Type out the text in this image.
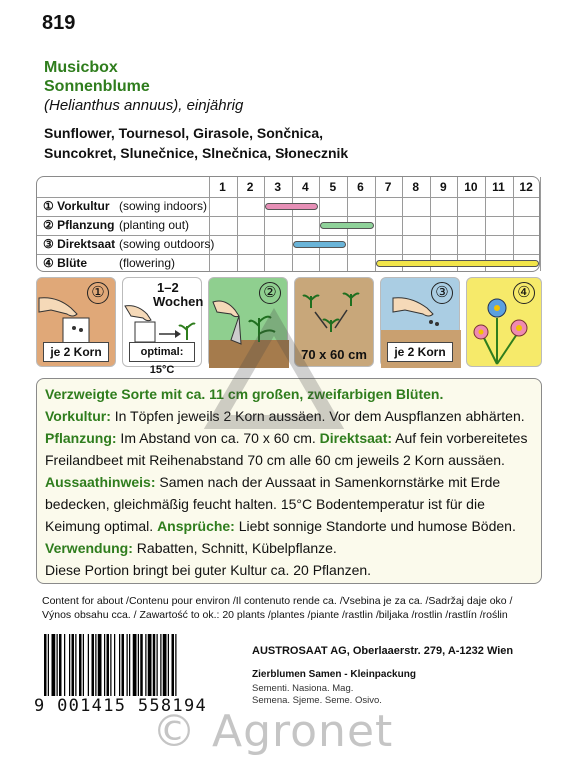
819
Musicbox
Sonnenblume
(Helianthus annuus), einjährig
Sunflower, Tournesol, Girasole, Sončnica,
Suncokret, Slunečnice, Slnečnica, Słonecznik
1	2	3	4	5	6	7	8	9	10	11	12
① Vorkultur (sowing indoors)
② Pflanzung (planting out)
③ Direktsaat (sowing outdoors)
④ Blüte	(flowering)
①
je 2 Korn
1–2
Wochen
optimal: 15°C
②
70 x 60 cm
③
je 2 Korn
④
Verzweigte Sorte mit ca. 11 cm großen, zweifarbigen Blüten.
Vorkultur: In Töpfen jeweils 2 Korn aussäen. Vor dem Auspflanzen abhärten.
Pflanzung: Im Abstand von ca. 70 x 60 cm. Direktsaat: Auf fein vorbereitetes Freilandbeet mit Reihenabstand 70 cm alle 60 cm jeweils 2 Korn aussäen.
Aussaathinweis: Samen nach der Aussaat in Samenkornstärke mit Erde bedecken, gleichmäßig feucht halten. 15°C Bodentemperatur ist für die Keimung optimal. Ansprüche: Liebt sonnige Standorte und humose Böden.
Verwendung: Rabatten, Schnitt, Kübelpflanze.
Diese Portion bringt bei guter Kultur ca. 20 Pflanzen.
Content for about /Contenu pour environ /Il contenuto rende ca. /Vsebina je za ca. /Sadržaj daje oko /
Výnos obsahu cca. / Zawartość to ok.: 20 plants /plantes /piante /rastlin /biljaka /rostlin /rastlín /roślin
9 001415 558194
AUSTROSAAT AG, Oberlaaerstr. 279, A-1232 Wien
Zierblumen Samen - Kleinpackung
Sementi. Nasiona. Mag.
Semena. Sjeme. Seme. Osivo.
© Agronet
